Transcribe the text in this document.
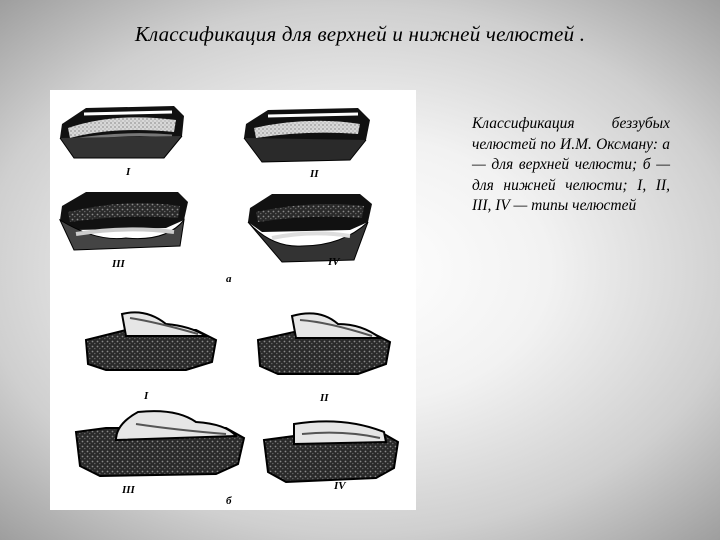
Классификация для верхней и нижней челюстей .
I	II
III	IV
а
I	II
III	IV
б
Классификация беззубых челюстей по И.М. Оксману: а— для верхней челюсти; б — для нижней челюсти; I, II, III, IV — типы челюстей
